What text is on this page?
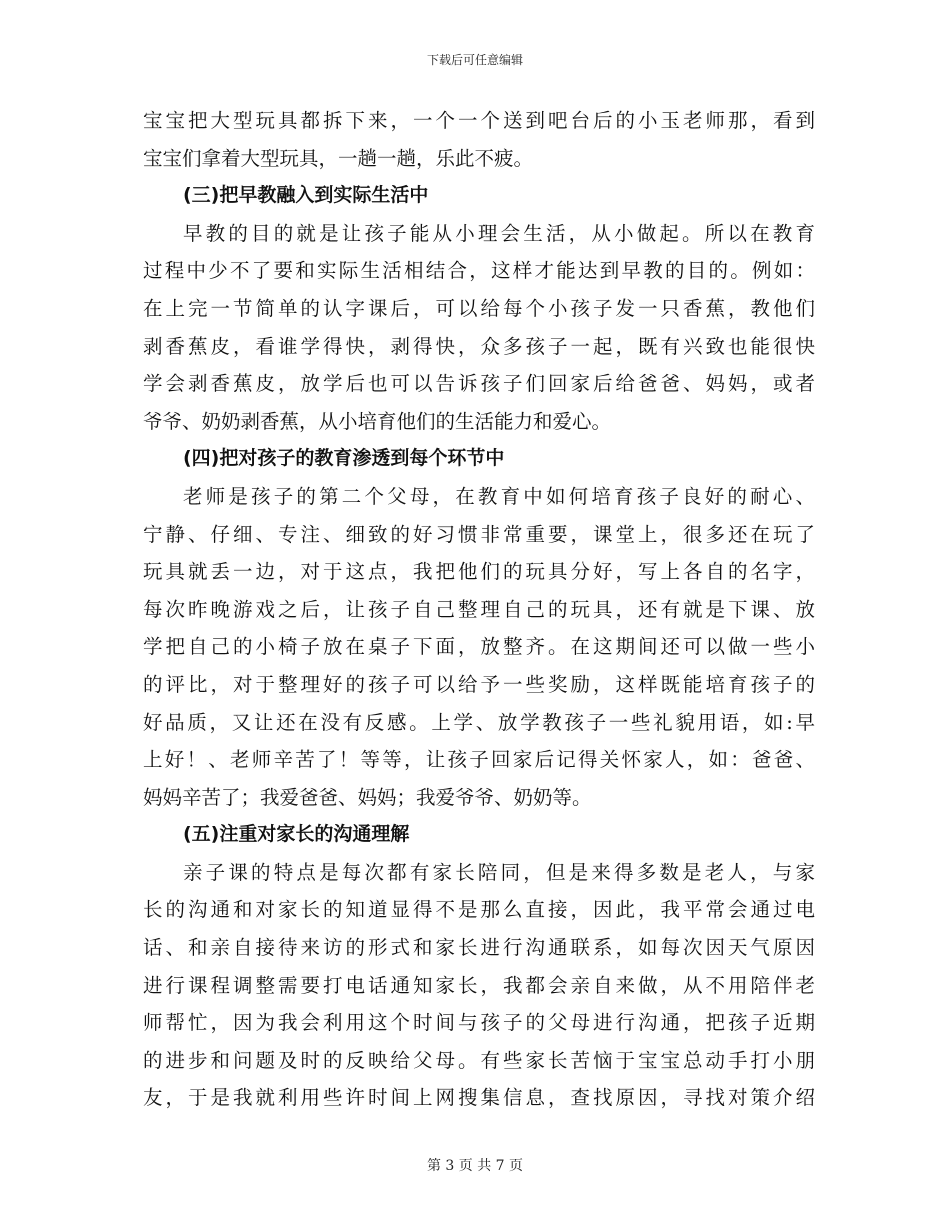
下载后可任意编辑
宝宝把大型玩具都拆下来，一个一个送到吧台后的小玉老师那，看到
宝宝们拿着大型玩具，一趟一趟，乐此不疲。
(三)把早教融入到实际生活中
早教的目的就是让孩子能从小理会生活，从小做起。所以在教育
过程中少不了要和实际生活相结合，这样才能达到早教的目的。例如：
在上完一节简单的认字课后，可以给每个小孩子发一只香蕉，教他们
剥香蕉皮，看谁学得快，剥得快，众多孩子一起，既有兴致也能很快
学会剥香蕉皮，放学后也可以告诉孩子们回家后给爸爸、妈妈，或者
爷爷、奶奶剥香蕉，从小培育他们的生活能力和爱心。
(四)把对孩子的教育渗透到每个环节中
老师是孩子的第二个父母，在教育中如何培育孩子良好的耐心、
宁静、仔细、专注、细致的好习惯非常重要，课堂上，很多还在玩了
玩具就丢一边，对于这点，我把他们的玩具分好，写上各自的名字，
每次昨晚游戏之后，让孩子自己整理自己的玩具，还有就是下课、放
学把自己的小椅子放在桌子下面，放整齐。在这期间还可以做一些小
的评比，对于整理好的孩子可以给予一些奖励，这样既能培育孩子的
好品质，又让还在没有反感。上学、放学教孩子一些礼貌用语，如:早
上好！、老师辛苦了！等等，让孩子回家后记得关怀家人，如：爸爸、
妈妈辛苦了；我爱爸爸、妈妈；我爱爷爷、奶奶等。
(五)注重对家长的沟通理解
亲子课的特点是每次都有家长陪同，但是来得多数是老人，与家
长的沟通和对家长的知道显得不是那么直接，因此，我平常会通过电
话、和亲自接待来访的形式和家长进行沟通联系，如每次因天气原因
进行课程调整需要打电话通知家长，我都会亲自来做，从不用陪伴老
师帮忙，因为我会利用这个时间与孩子的父母进行沟通，把孩子近期
的进步和问题及时的反映给父母。有些家长苦恼于宝宝总动手打小朋
友，于是我就利用些许时间上网搜集信息，查找原因，寻找对策介绍
第 3 页 共 7 页
